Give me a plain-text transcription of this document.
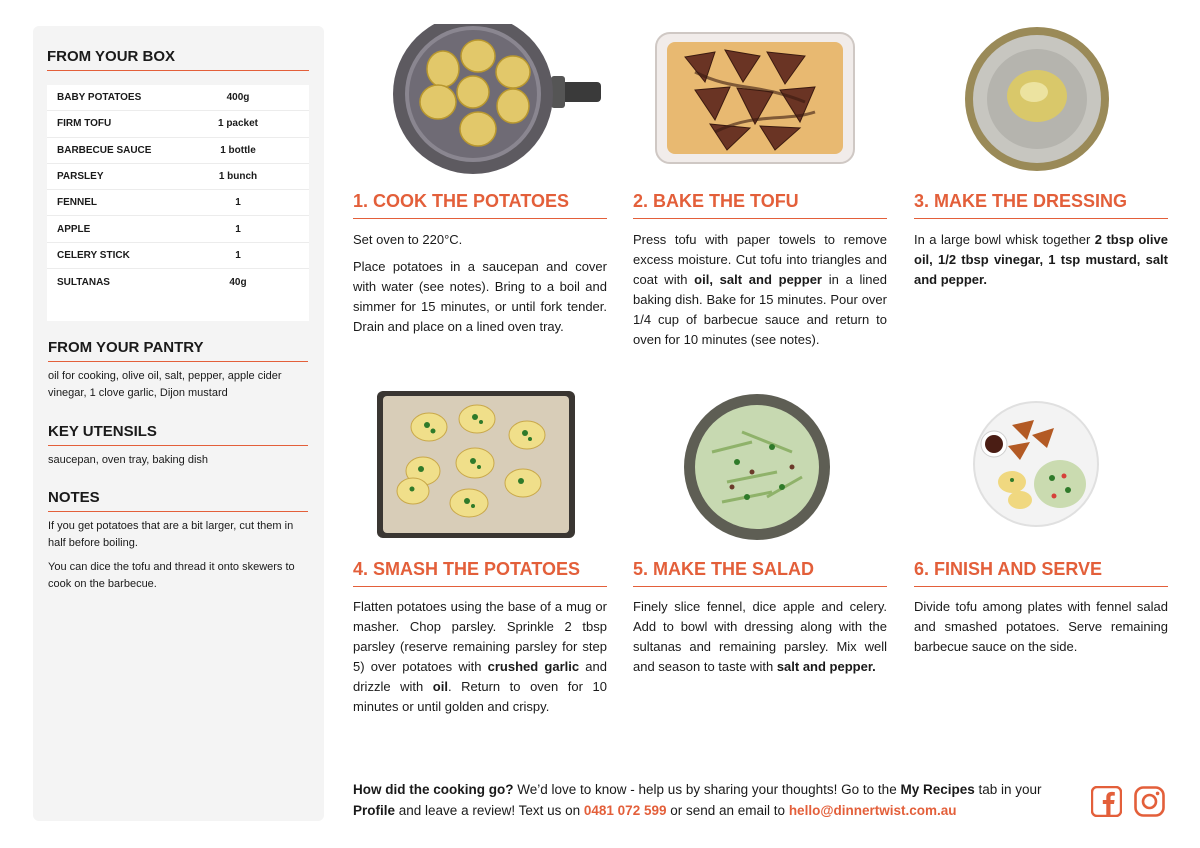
FROM YOUR BOX
BABY POTATOES	400g
FIRM TOFU	1 packet
BARBECUE SAUCE	1 bottle
PARSLEY	1 bunch
FENNEL	1
APPLE	1
CELERY STICK	1
SULTANAS	40g
FROM YOUR PANTRY
oil for cooking, olive oil, salt, pepper, apple cider vinegar, 1 clove garlic, Dijon mustard
KEY UTENSILS
saucepan, oven tray, baking dish
NOTES
If you get potatoes that are a bit larger, cut them in half before boiling.
You can dice the tofu and thread it onto skewers to cook on the barbecue.
1. COOK THE POTATOES

Set oven to 220°C.

Place potatoes in a saucepan and cover with water (see notes). Bring to a boil and simmer for 15 minutes, or until fork tender. Drain and place on a lined oven tray.

2. BAKE THE TOFU

Press tofu with paper towels to remove excess moisture. Cut tofu into triangles and coat with oil, salt and pepper in a lined baking dish. Bake for 15 minutes. Pour over 1/4 cup of barbecue sauce and return to oven for 10 minutes (see notes).

3. MAKE THE DRESSING

In a large bowl whisk together 2 tbsp olive oil, 1/2 tbsp vinegar, 1 tsp mustard, salt and pepper.

4. SMASH THE POTATOES

Flatten potatoes using the base of a mug or masher. Chop parsley. Sprinkle 2 tbsp parsley (reserve remaining parsley for step 5) over potatoes with crushed garlic and drizzle with oil. Return to oven for 10 minutes or until golden and crispy.

5. MAKE THE SALAD

Finely slice fennel, dice apple and celery. Add to bowl with dressing along with the sultanas and remaining parsley. Mix well and season to taste with salt and pepper.

6. FINISH AND SERVE

Divide tofu among plates with fennel salad and smashed potatoes. Serve remaining barbecue sauce on the side.

How did the cooking go? We’d love to know - help us by sharing your thoughts! Go to the My Recipes tab in your Profile and leave a review! Text us on 0481 072 599 or send an email to hello@dinnertwist.com.au
